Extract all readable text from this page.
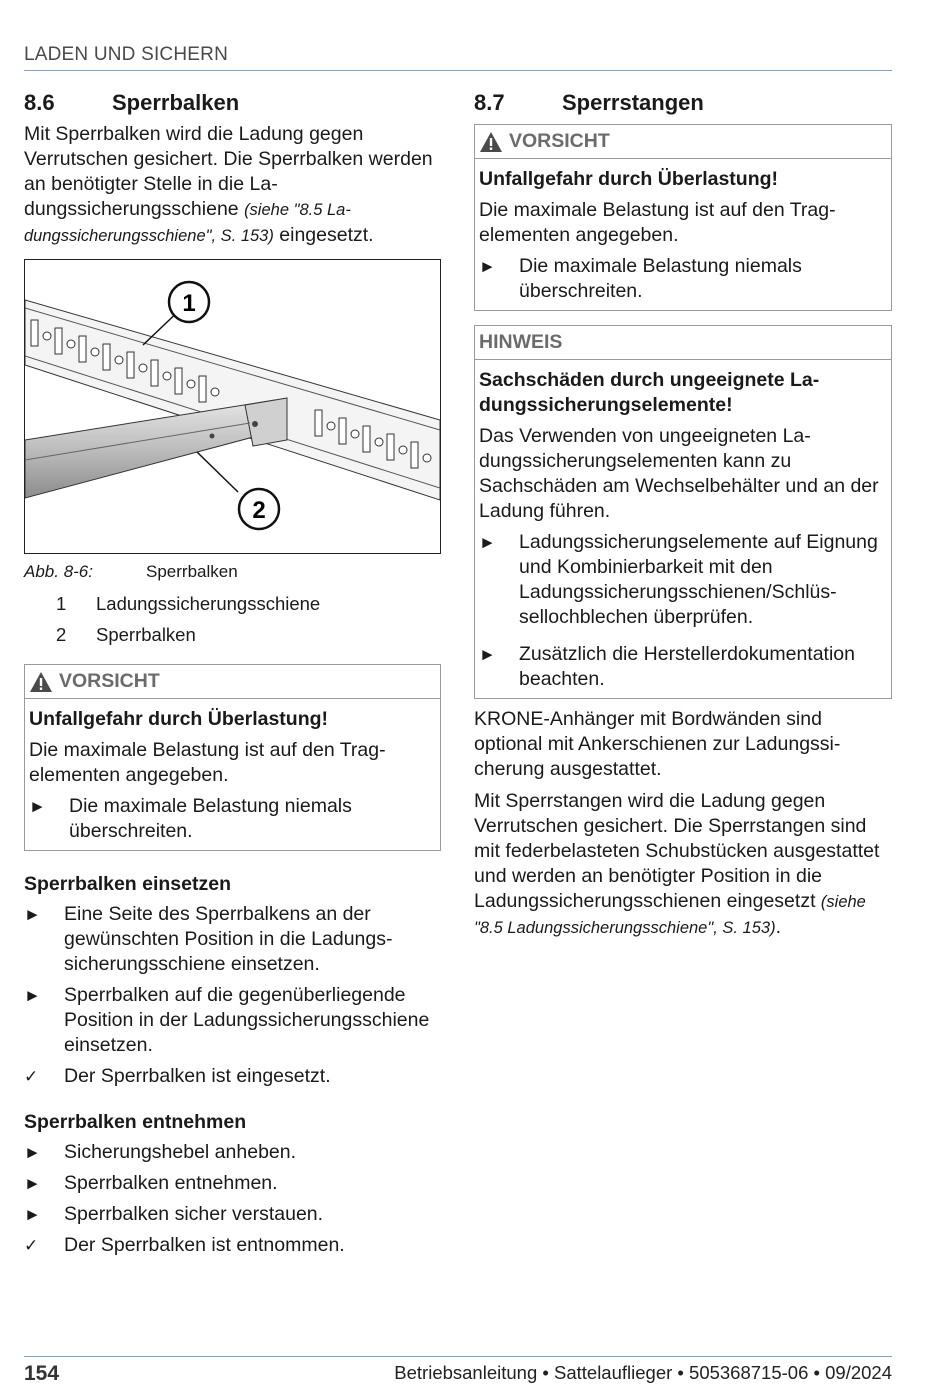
LADEN UND SICHERN
8.6	Sperrbalken

Mit Sperrbalken wird die Ladung gegen Verrutschen gesichert. Die Sperrbalken werden an benötigter Stelle in die Ladungssicherungsschiene (siehe "8.5 Ladungssicherungsschiene", S. 153) eingesetzt.

1
2
Abb. 8-6:	Sperrbalken
1	Ladungssicherungsschiene
2	Sperrbalken
VORSICHT
Unfallgefahr durch Überlastung!
Die maximale Belastung ist auf den Tragelementen angegeben.
►	Die maximale Belastung niemals überschreiten.
Sperrbalken einsetzen
►	Eine Seite des Sperrbalkens an der gewünschten Position in die Ladungssicherungsschiene einsetzen.
►	Sperrbalken auf die gegenüberliegende Position in der Ladungssicherungsschiene einsetzen.
✓	Der Sperrbalken ist eingesetzt.
Sperrbalken entnehmen
►	Sicherungshebel anheben.
►	Sperrbalken entnehmen.
►	Sperrbalken sicher verstauen.
✓	Der Sperrbalken ist entnommen.
8.7	Sperrstangen
VORSICHT
Unfallgefahr durch Überlastung!
Die maximale Belastung ist auf den Tragelementen angegeben.
►	Die maximale Belastung niemals überschreiten.
HINWEIS
Sachschäden durch ungeeignete Ladungssicherungselemente!
Das Verwenden von ungeeigneten Ladungssicherungselementen kann zu Sachschäden am Wechselbehälter und an der Ladung führen.
►	Ladungssicherungselemente auf Eignung und Kombinierbarkeit mit den Ladungssicherungsschienen/Schlüssellochblechen überprüfen.
►	Zusätzlich die Herstellerdokumentation beachten.

KRONE-Anhänger mit Bordwänden sind optional mit Ankerschienen zur Ladungssicherung ausgestattet.

Mit Sperrstangen wird die Ladung gegen Verrutschen gesichert. Die Sperrstangen sind mit federbelasteten Schubstücken ausgestattet und werden an benötigter Position in die Ladungssicherungsschienen eingesetzt (siehe "8.5 Ladungssicherungsschiene", S. 153).

154	Betriebsanleitung • Sattelauflieger • 505368715-06 • 09/2024
